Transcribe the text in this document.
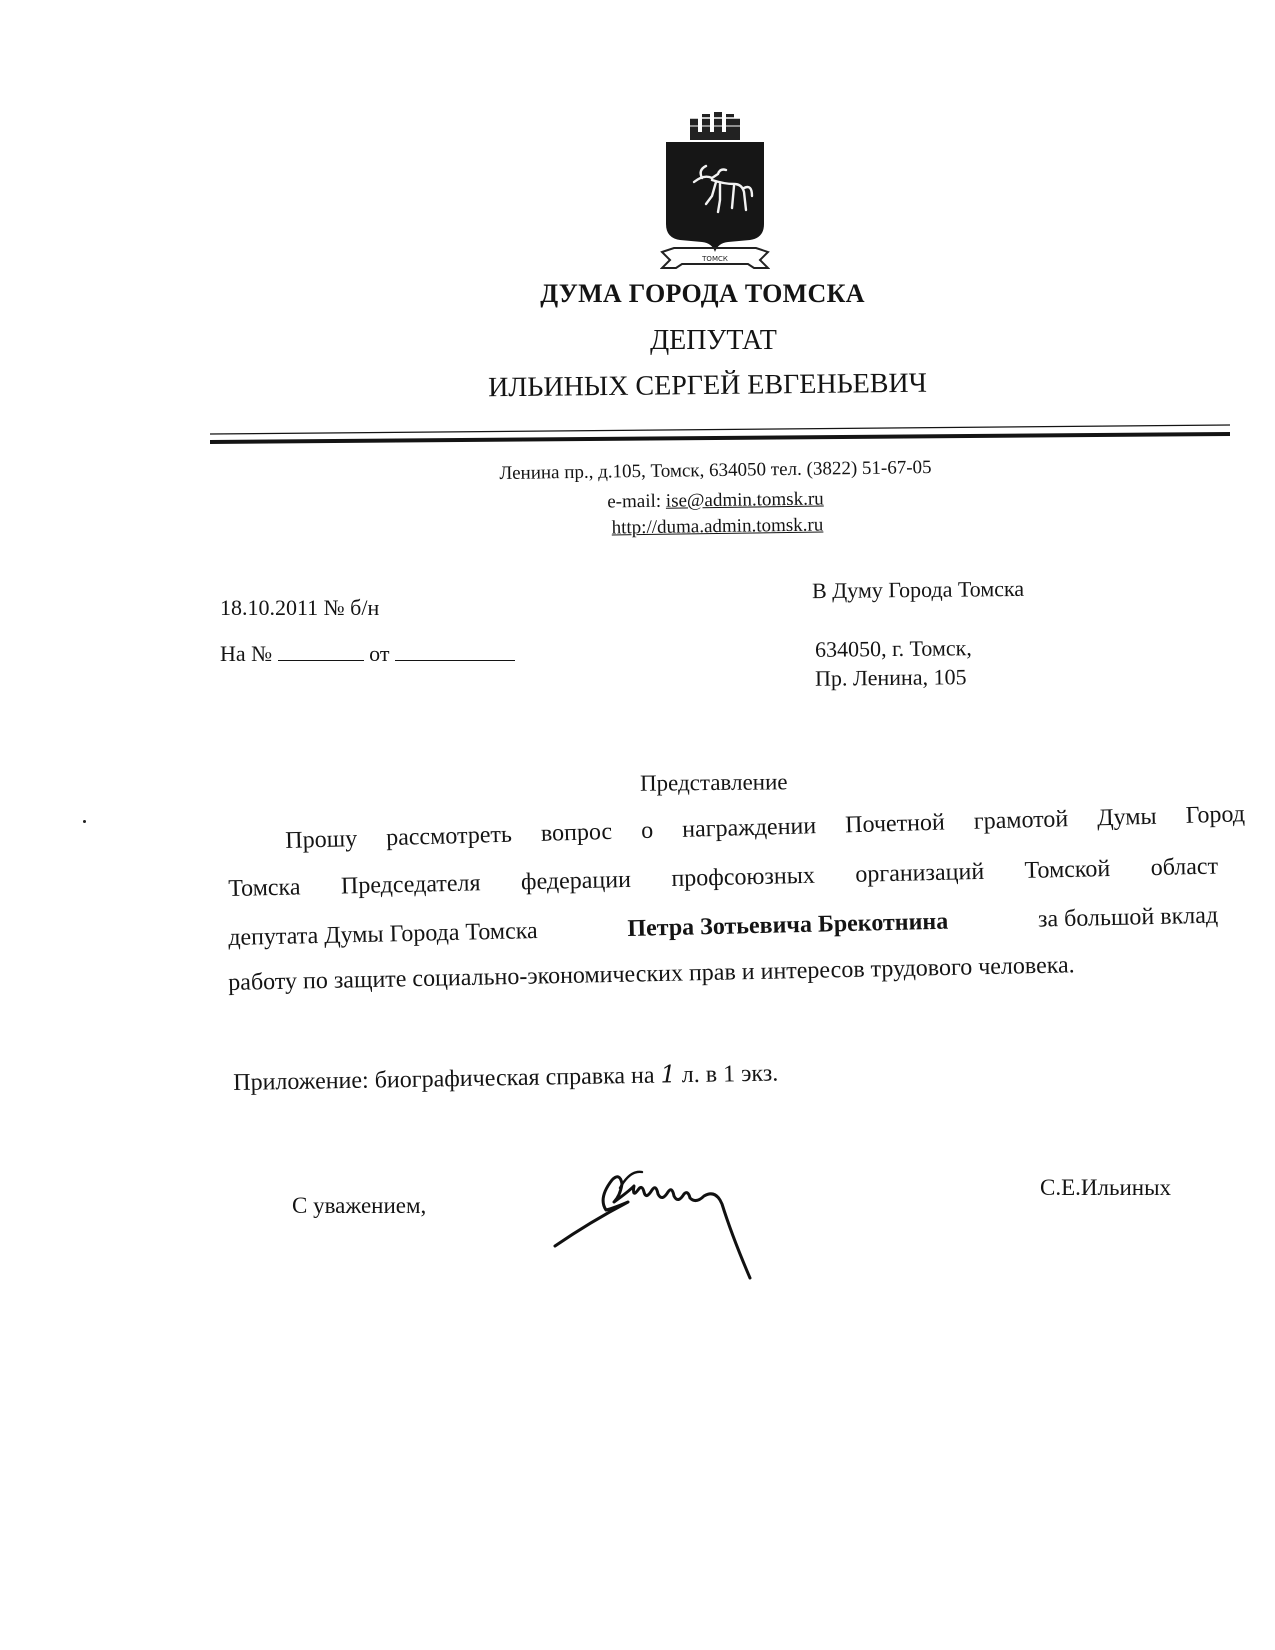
ТОМСК
ДУМА ГОРОДА ТОМСКА
ДЕПУТАТ
ИЛЬИНЫХ СЕРГЕЙ ЕВГЕНЬЕВИЧ
Ленина пр., д.105, Томск, 634050 тел. (3822) 51-67-05
e-mail: ise@admin.tomsk.ru
http://duma.admin.tomsk.ru
18.10.2011 № б/н
На №	от
В Думу Города Томска
634050, г. Томск,
Пр. Ленина, 105
Представление
Прошу рассмотреть вопрос о награждении Почетной грамотой Думы Город
Томска Председателя федерации профсоюзных организаций Томской област
депутата Думы Города Томска	Петра Зотьевича Брекотнина	за большой вклад
работу по защите социально-экономических прав и интересов трудового человека.
Приложение: биографическая справка на 1 л. в 1 экз.
С уважением,
С.Е.Ильиных
